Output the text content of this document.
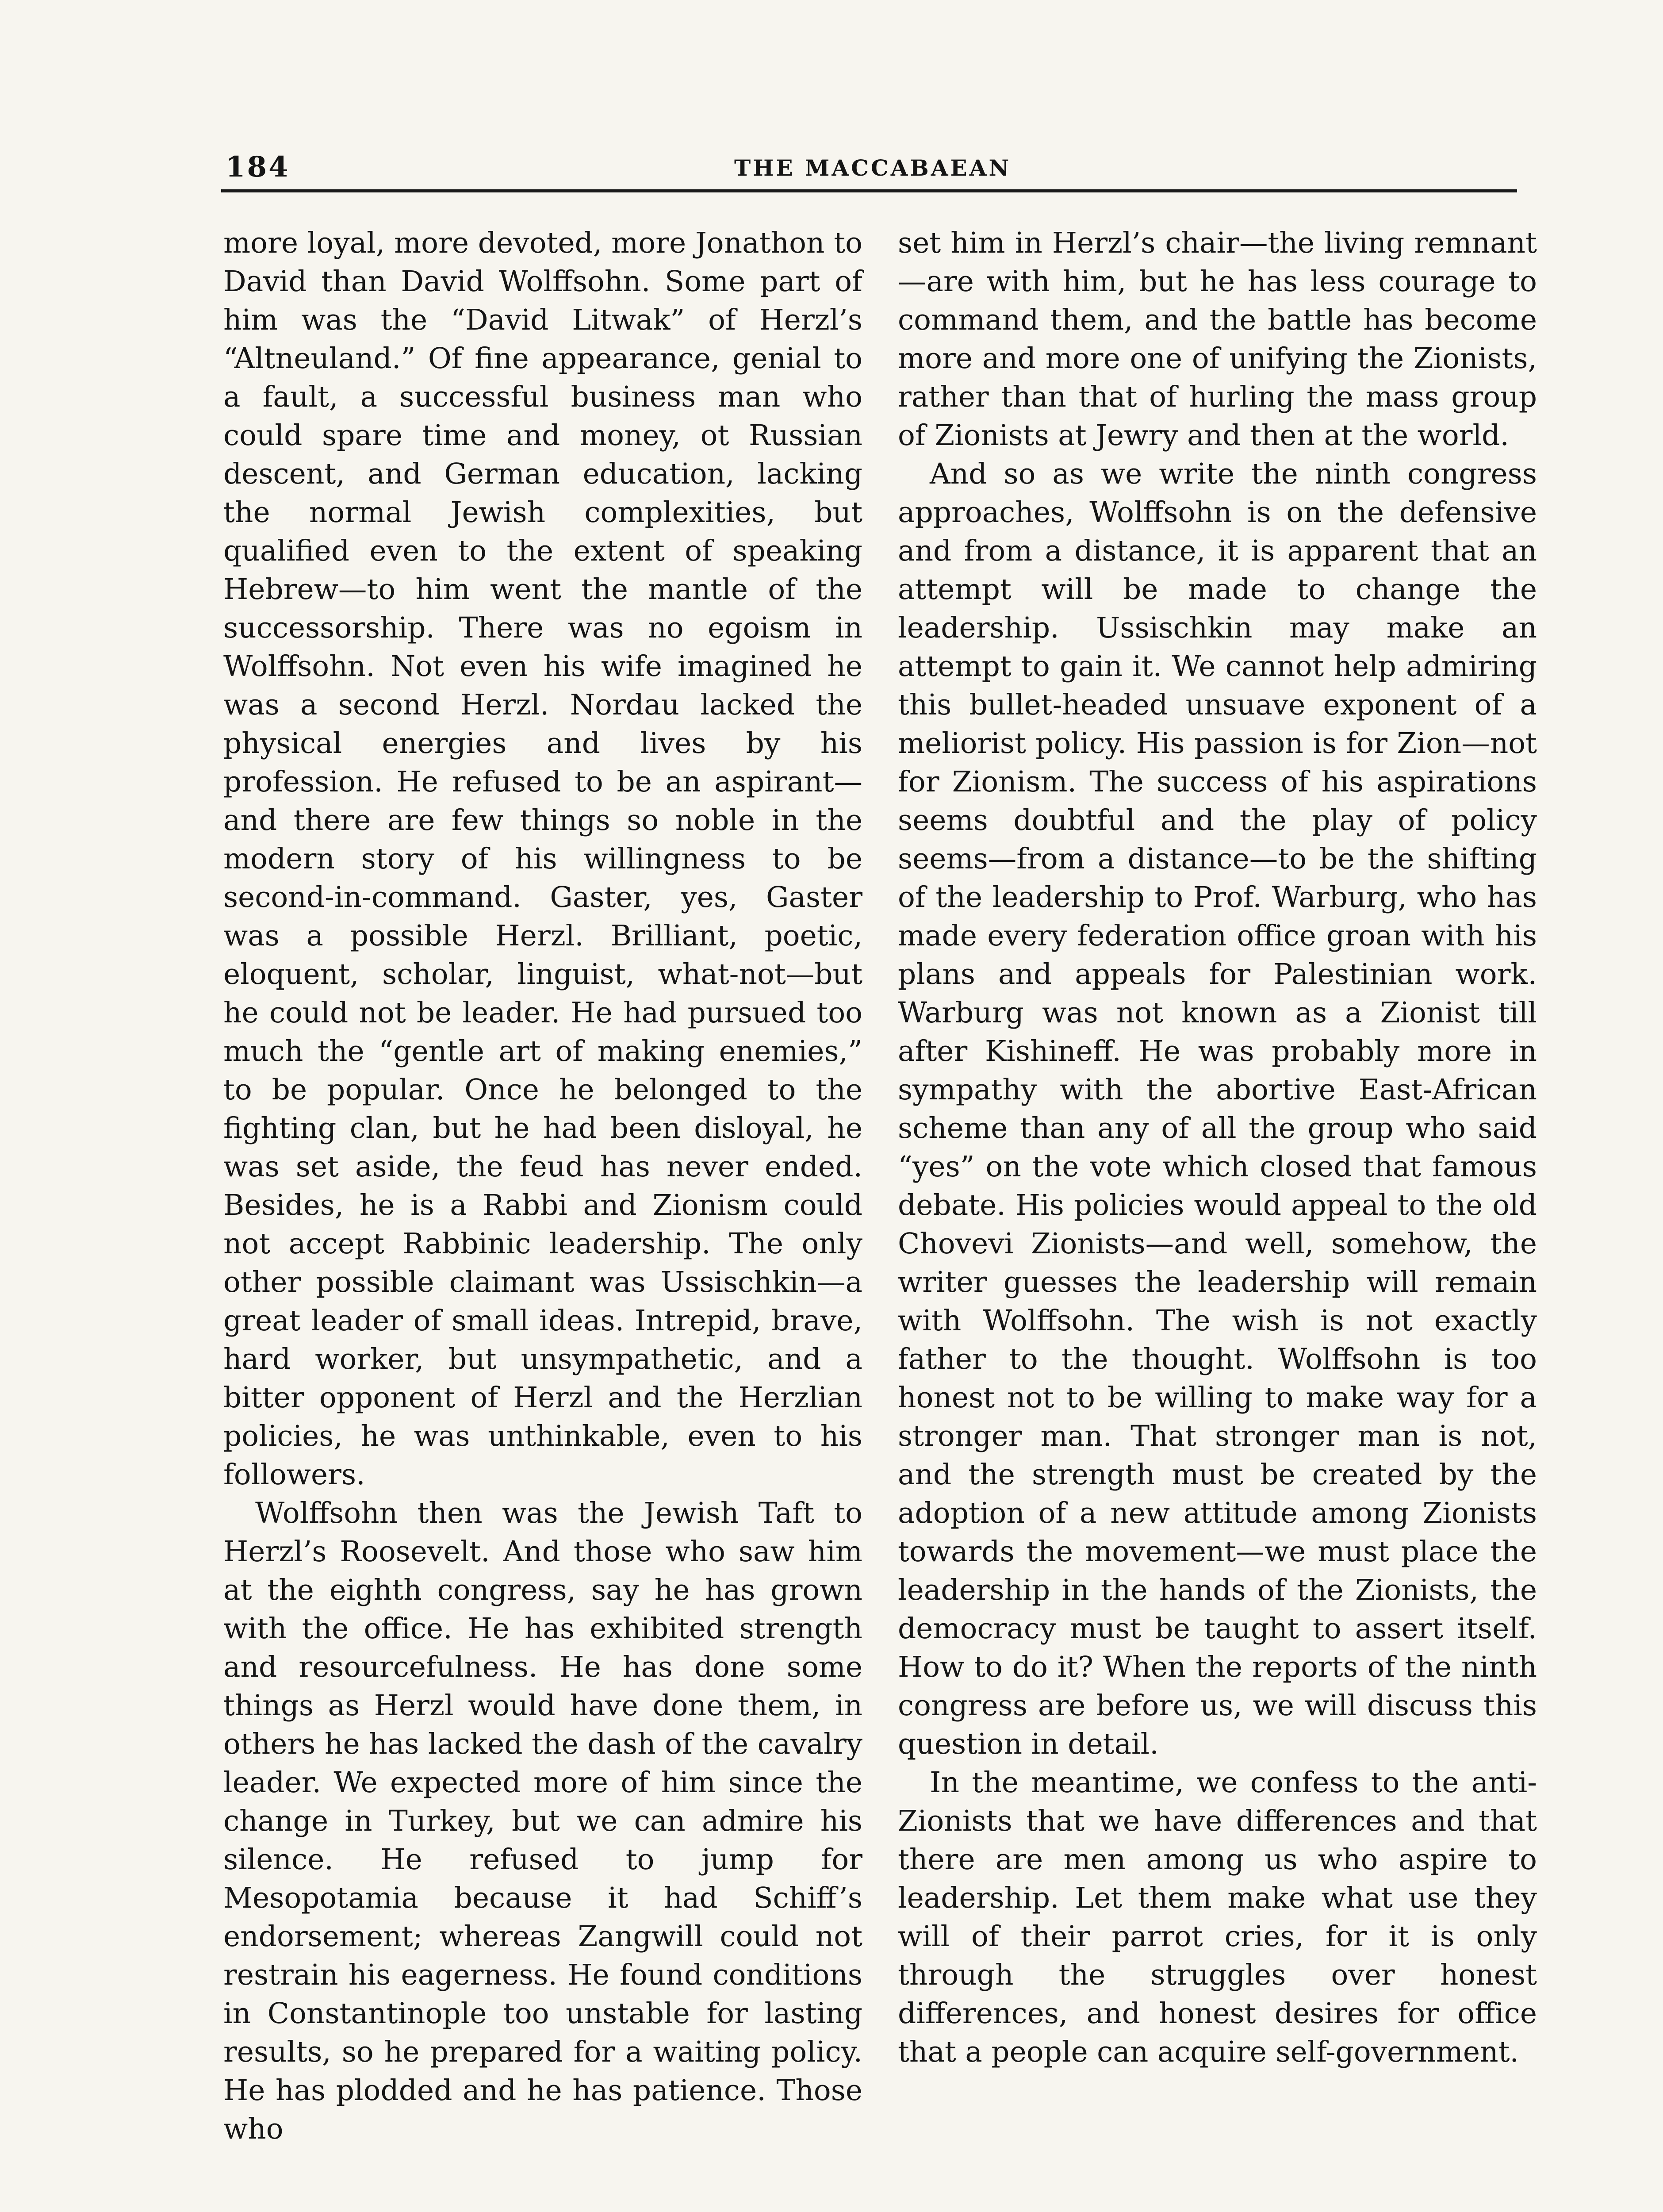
184	THE MACCABAEAN

more loyal, more devoted, more Jonathon to David than David Wolffsohn. Some part of him was the “David Litwak” of Herzl’s “Altneuland.” Of fine appearance, genial to a fault, a successful business man who could spare time and money, ot Russian descent, and German education, lacking the normal Jewish complexities, but qualified even to the extent of speaking Hebrew—to him went the mantle of the successorship. There was no egoism in Wolffsohn. Not even his wife imagined he was a second Herzl. Nordau lacked the physical energies and lives by his profession. He refused to be an aspirant—and there are few things so noble in the modern story of his willingness to be second-in-command. Gaster, yes, Gaster was a possible Herzl. Brilliant, poetic, eloquent, scholar, linguist, what-not—but he could not be leader. He had pursued too much the “gentle art of making enemies,” to be popular. Once he belonged to the fighting clan, but he had been disloyal, he was set aside, the feud has never ended. Besides, he is a Rabbi and Zionism could not accept Rabbinic leadership. The only other possible claimant was Ussischkin—a great leader of small ideas. Intrepid, brave, hard worker, but unsympathetic, and a bitter opponent of Herzl and the Herzlian policies, he was unthinkable, even to his followers.

Wolffsohn then was the Jewish Taft to Herzl’s Roosevelt. And those who saw him at the eighth congress, say he has grown with the office. He has exhibited strength and resourcefulness. He has done some things as Herzl would have done them, in others he has lacked the dash of the cavalry leader. We expected more of him since the change in Turkey, but we can admire his silence. He refused to jump for Mesopotamia because it had Schiff’s endorsement; whereas Zangwill could not restrain his eagerness. He found conditions in Constantinople too unstable for lasting results, so he prepared for a waiting policy. He has plodded and he has patience. Those who

set him in Herzl’s chair—the living remnant—are with him, but he has less courage to command them, and the battle has become more and more one of unifying the Zionists, rather than that of hurling the mass group of Zionists at Jewry and then at the world.

And so as we write the ninth congress approaches, Wolffsohn is on the defensive and from a distance, it is apparent that an attempt will be made to change the leadership. Ussischkin may make an attempt to gain it. We cannot help admiring this bullet-headed unsuave exponent of a meliorist policy. His passion is for Zion—not for Zionism. The success of his aspirations seems doubtful and the play of policy seems—from a distance—to be the shifting of the leadership to Prof. Warburg, who has made every federation office groan with his plans and appeals for Palestinian work. Warburg was not known as a Zionist till after Kishineff. He was probably more in sympathy with the abortive East-African scheme than any of all the group who said “yes” on the vote which closed that famous debate. His policies would appeal to the old Chovevi Zionists—and well, somehow, the writer guesses the leadership will remain with Wolffsohn. The wish is not exactly father to the thought. Wolffsohn is too honest not to be willing to make way for a stronger man. That stronger man is not, and the strength must be created by the adoption of a new attitude among Zionists towards the movement—we must place the leadership in the hands of the Zionists, the democracy must be taught to assert itself. How to do it? When the reports of the ninth congress are before us, we will discuss this question in detail.

In the meantime, we confess to the anti-Zionists that we have differences and that there are men among us who aspire to leadership. Let them make what use they will of their parrot cries, for it is only through the struggles over honest differences, and honest desires for office that a people can acquire self-government.
